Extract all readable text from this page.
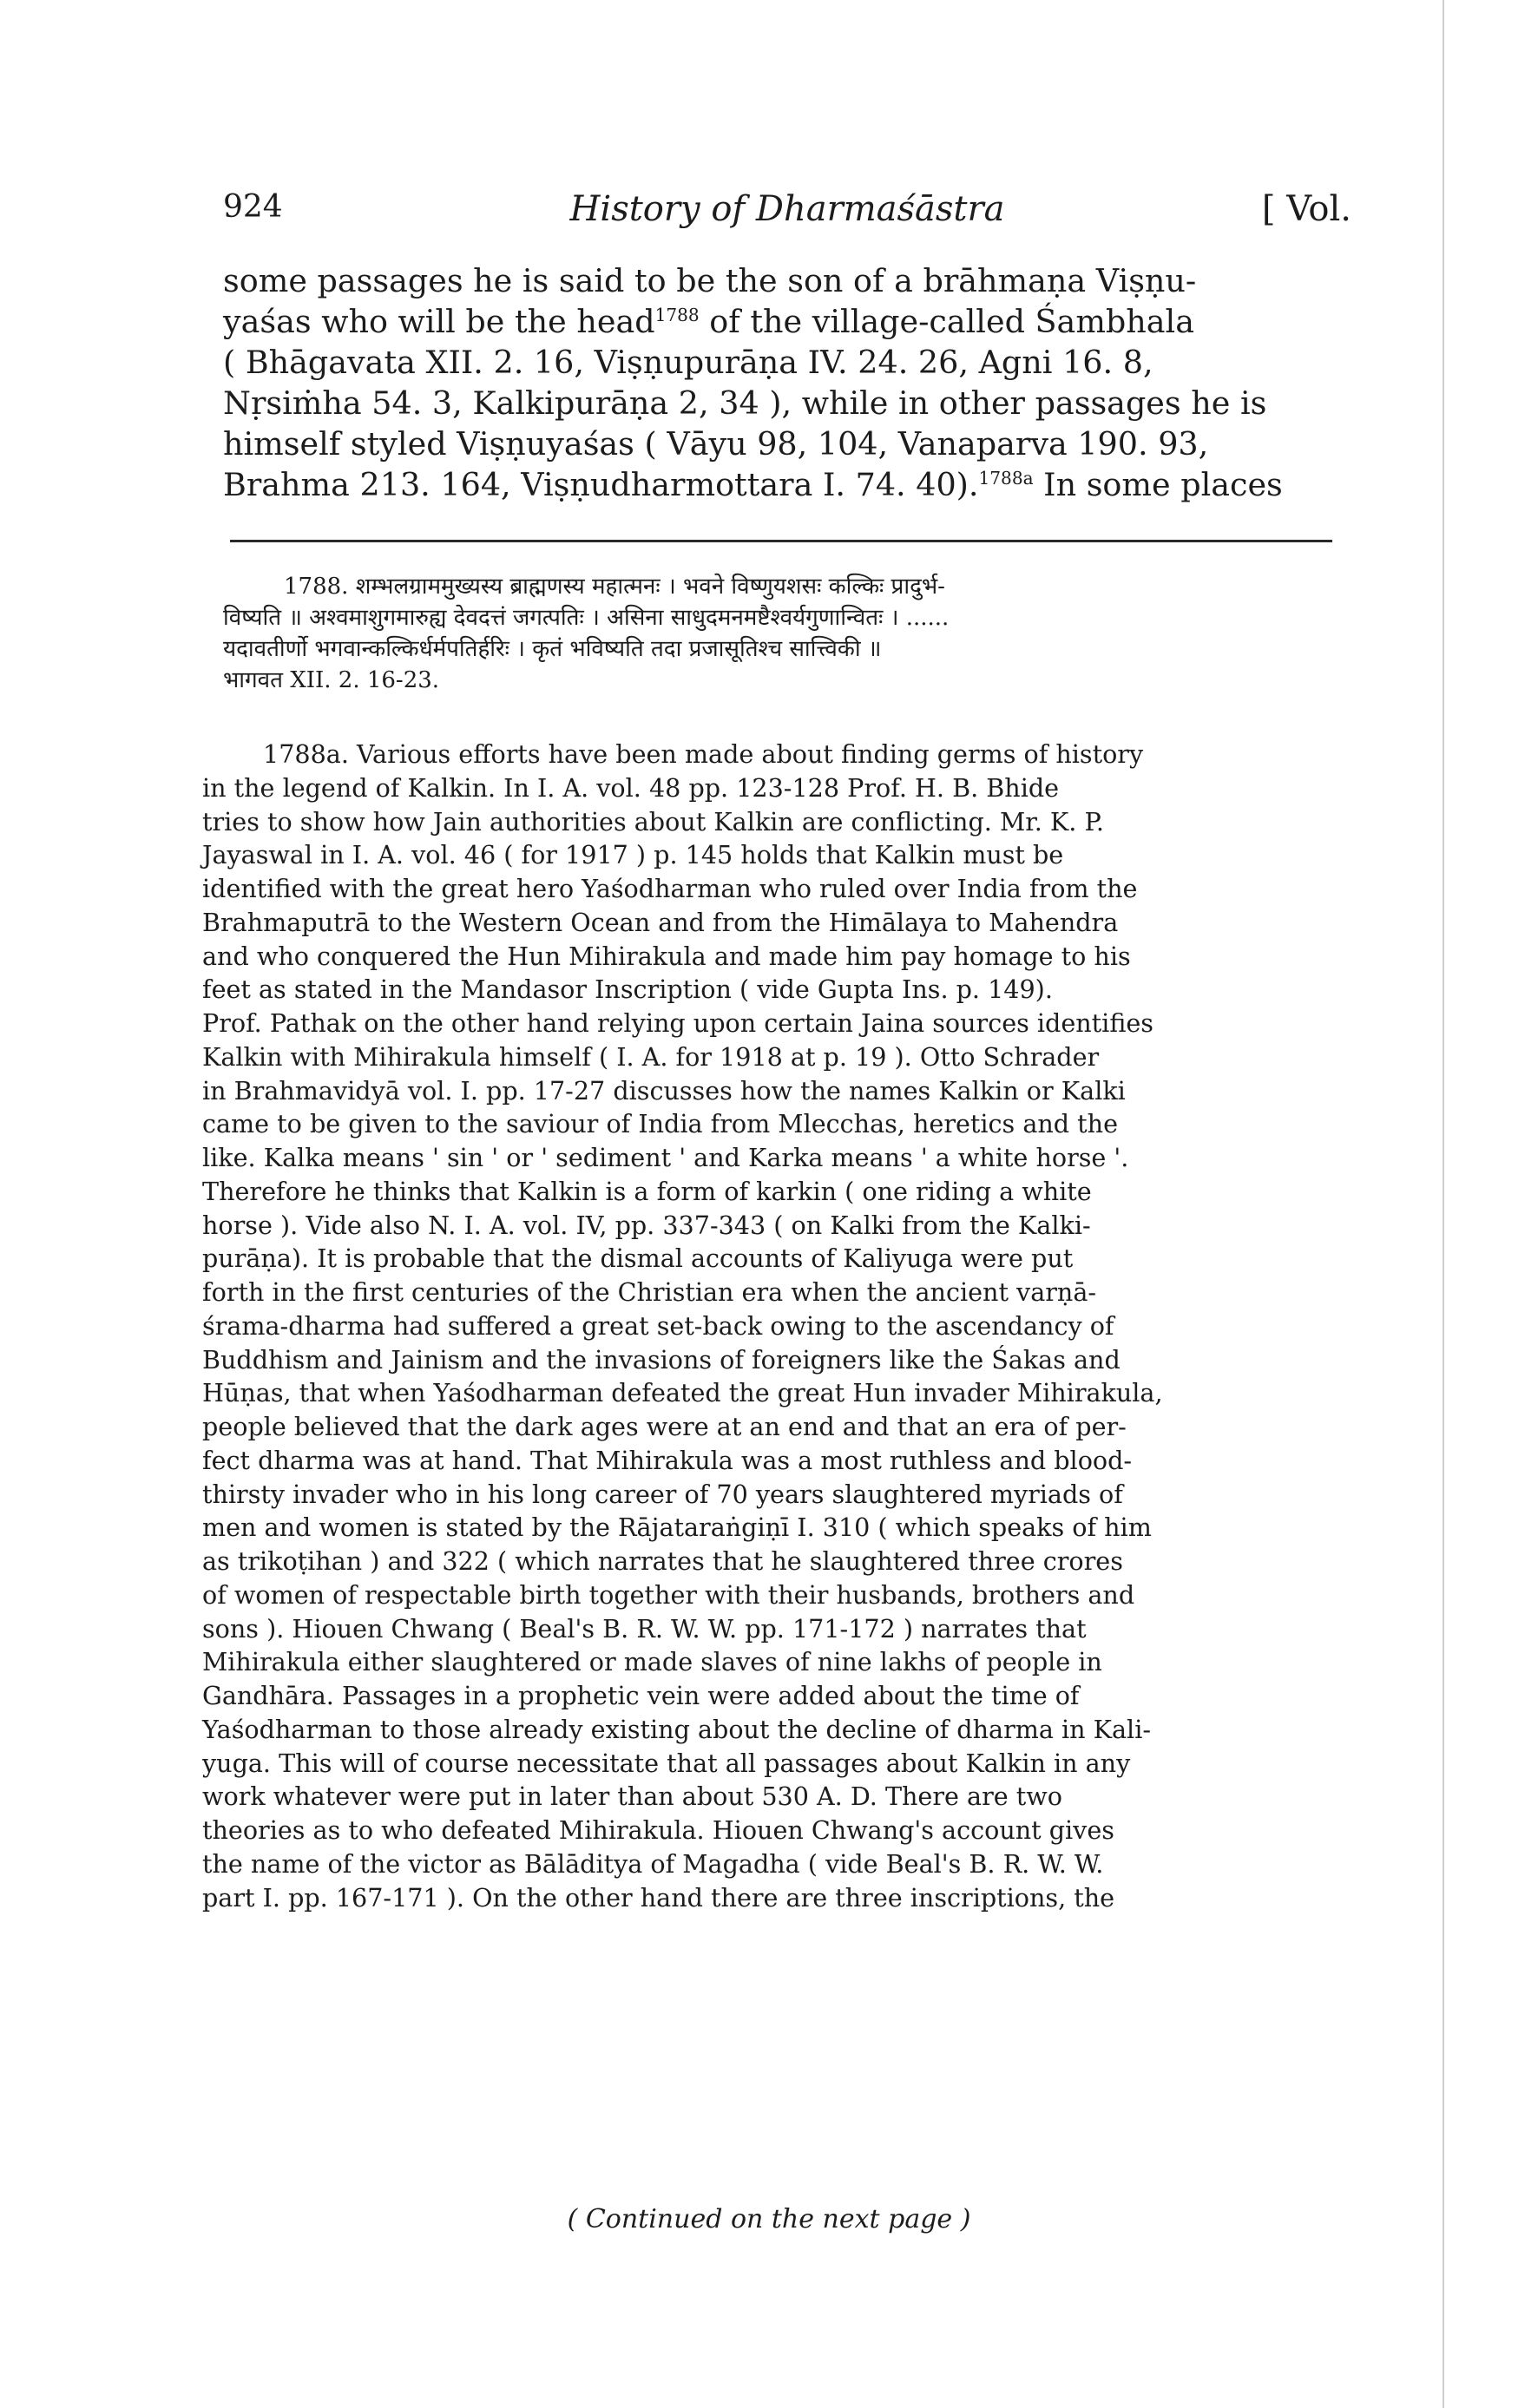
924	History of Dharmaśāstra	[ Vol.
some passages he is said to be the son of a brāhmaṇa Viṣṇu-
yaśas who will be the head$^{1788}$ of the village-called Śambhala
( Bhāgavata XII. 2. 16, Viṣṇupurāṇa IV. 24. 26, Agni 16. 8,
Nṛsiṁha 54. 3, Kalkipurāṇa 2, 34 ), while in other passages he is
himself styled Viṣṇuyaśas ( Vāyu 98, 104, Vanaparva 190. 93,
Brahma 213. 164, Viṣṇudharmottara I. 74. 40).$^{1788a}$ In some places
1788. शम्भलग्राममुख्यस्य ब्राह्मणस्य महात्मनः । भवने विष्णुयशसः कल्किः प्रादुर्भ-
विष्यति ॥ अश्वमाशुगमारुह्य देवदत्तं जगत्पतिः । असिना साधुदमनमष्टैश्वर्यगुणान्वितः । ......
यदावतीर्णो भगवान्कल्किर्धर्मपतिर्हरिः । कृतं भविष्यति तदा प्रजासूतिश्च सात्त्विकी ॥
भागवत XII. 2. 16-23.
1788a. Various efforts have been made about finding germs of history
in the legend of Kalkin. In I. A. vol. 48 pp. 123-128 Prof. H. B. Bhide
tries to show how Jain authorities about Kalkin are conflicting. Mr. K. P.
Jayaswal in I. A. vol. 46 ( for 1917 ) p. 145 holds that Kalkin must be
identified with the great hero Yaśodharman who ruled over India from the
Brahmaputrā to the Western Ocean and from the Himālaya to Mahendra
and who conquered the Hun Mihirakula and made him pay homage to his
feet as stated in the Mandasor Inscription ( vide Gupta Ins. p. 149).
Prof. Pathak on the other hand relying upon certain Jaina sources identifies
Kalkin with Mihirakula himself ( I. A. for 1918 at p. 19 ). Otto Schrader
in Brahmavidyā vol. I. pp. 17-27 discusses how the names Kalkin or Kalki
came to be given to the saviour of India from Mlecchas, heretics and the
like. Kalka means ' sin ' or ' sediment ' and Karka means ' a white horse '.
Therefore he thinks that Kalkin is a form of karkin ( one riding a white
horse ). Vide also N. I. A. vol. IV, pp. 337-343 ( on Kalki from the Kalki-
purāṇa). It is probable that the dismal accounts of Kaliyuga were put
forth in the first centuries of the Christian era when the ancient varṇā-
śrama-dharma had suffered a great set-back owing to the ascendancy of
Buddhism and Jainism and the invasions of foreigners like the Śakas and
Hūṇas, that when Yaśodharman defeated the great Hun invader Mihirakula,
people believed that the dark ages were at an end and that an era of per-
fect dharma was at hand. That Mihirakula was a most ruthless and blood-
thirsty invader who in his long career of 70 years slaughtered myriads of
men and women is stated by the Rājataraṅgiṇī I. 310 ( which speaks of him
as trikoṭihan ) and 322 ( which narrates that he slaughtered three crores
of women of respectable birth together with their husbands, brothers and
sons ). Hiouen Chwang ( Beal's B. R. W. W. pp. 171-172 ) narrates that
Mihirakula either slaughtered or made slaves of nine lakhs of people in
Gandhāra. Passages in a prophetic vein were added about the time of
Yaśodharman to those already existing about the decline of dharma in Kali-
yuga. This will of course necessitate that all passages about Kalkin in any
work whatever were put in later than about 530 A. D. There are two
theories as to who defeated Mihirakula. Hiouen Chwang's account gives
the name of the victor as Bālāditya of Magadha ( vide Beal's B. R. W. W.
part I. pp. 167-171 ). On the other hand there are three inscriptions, the
( Continued on the next page )
